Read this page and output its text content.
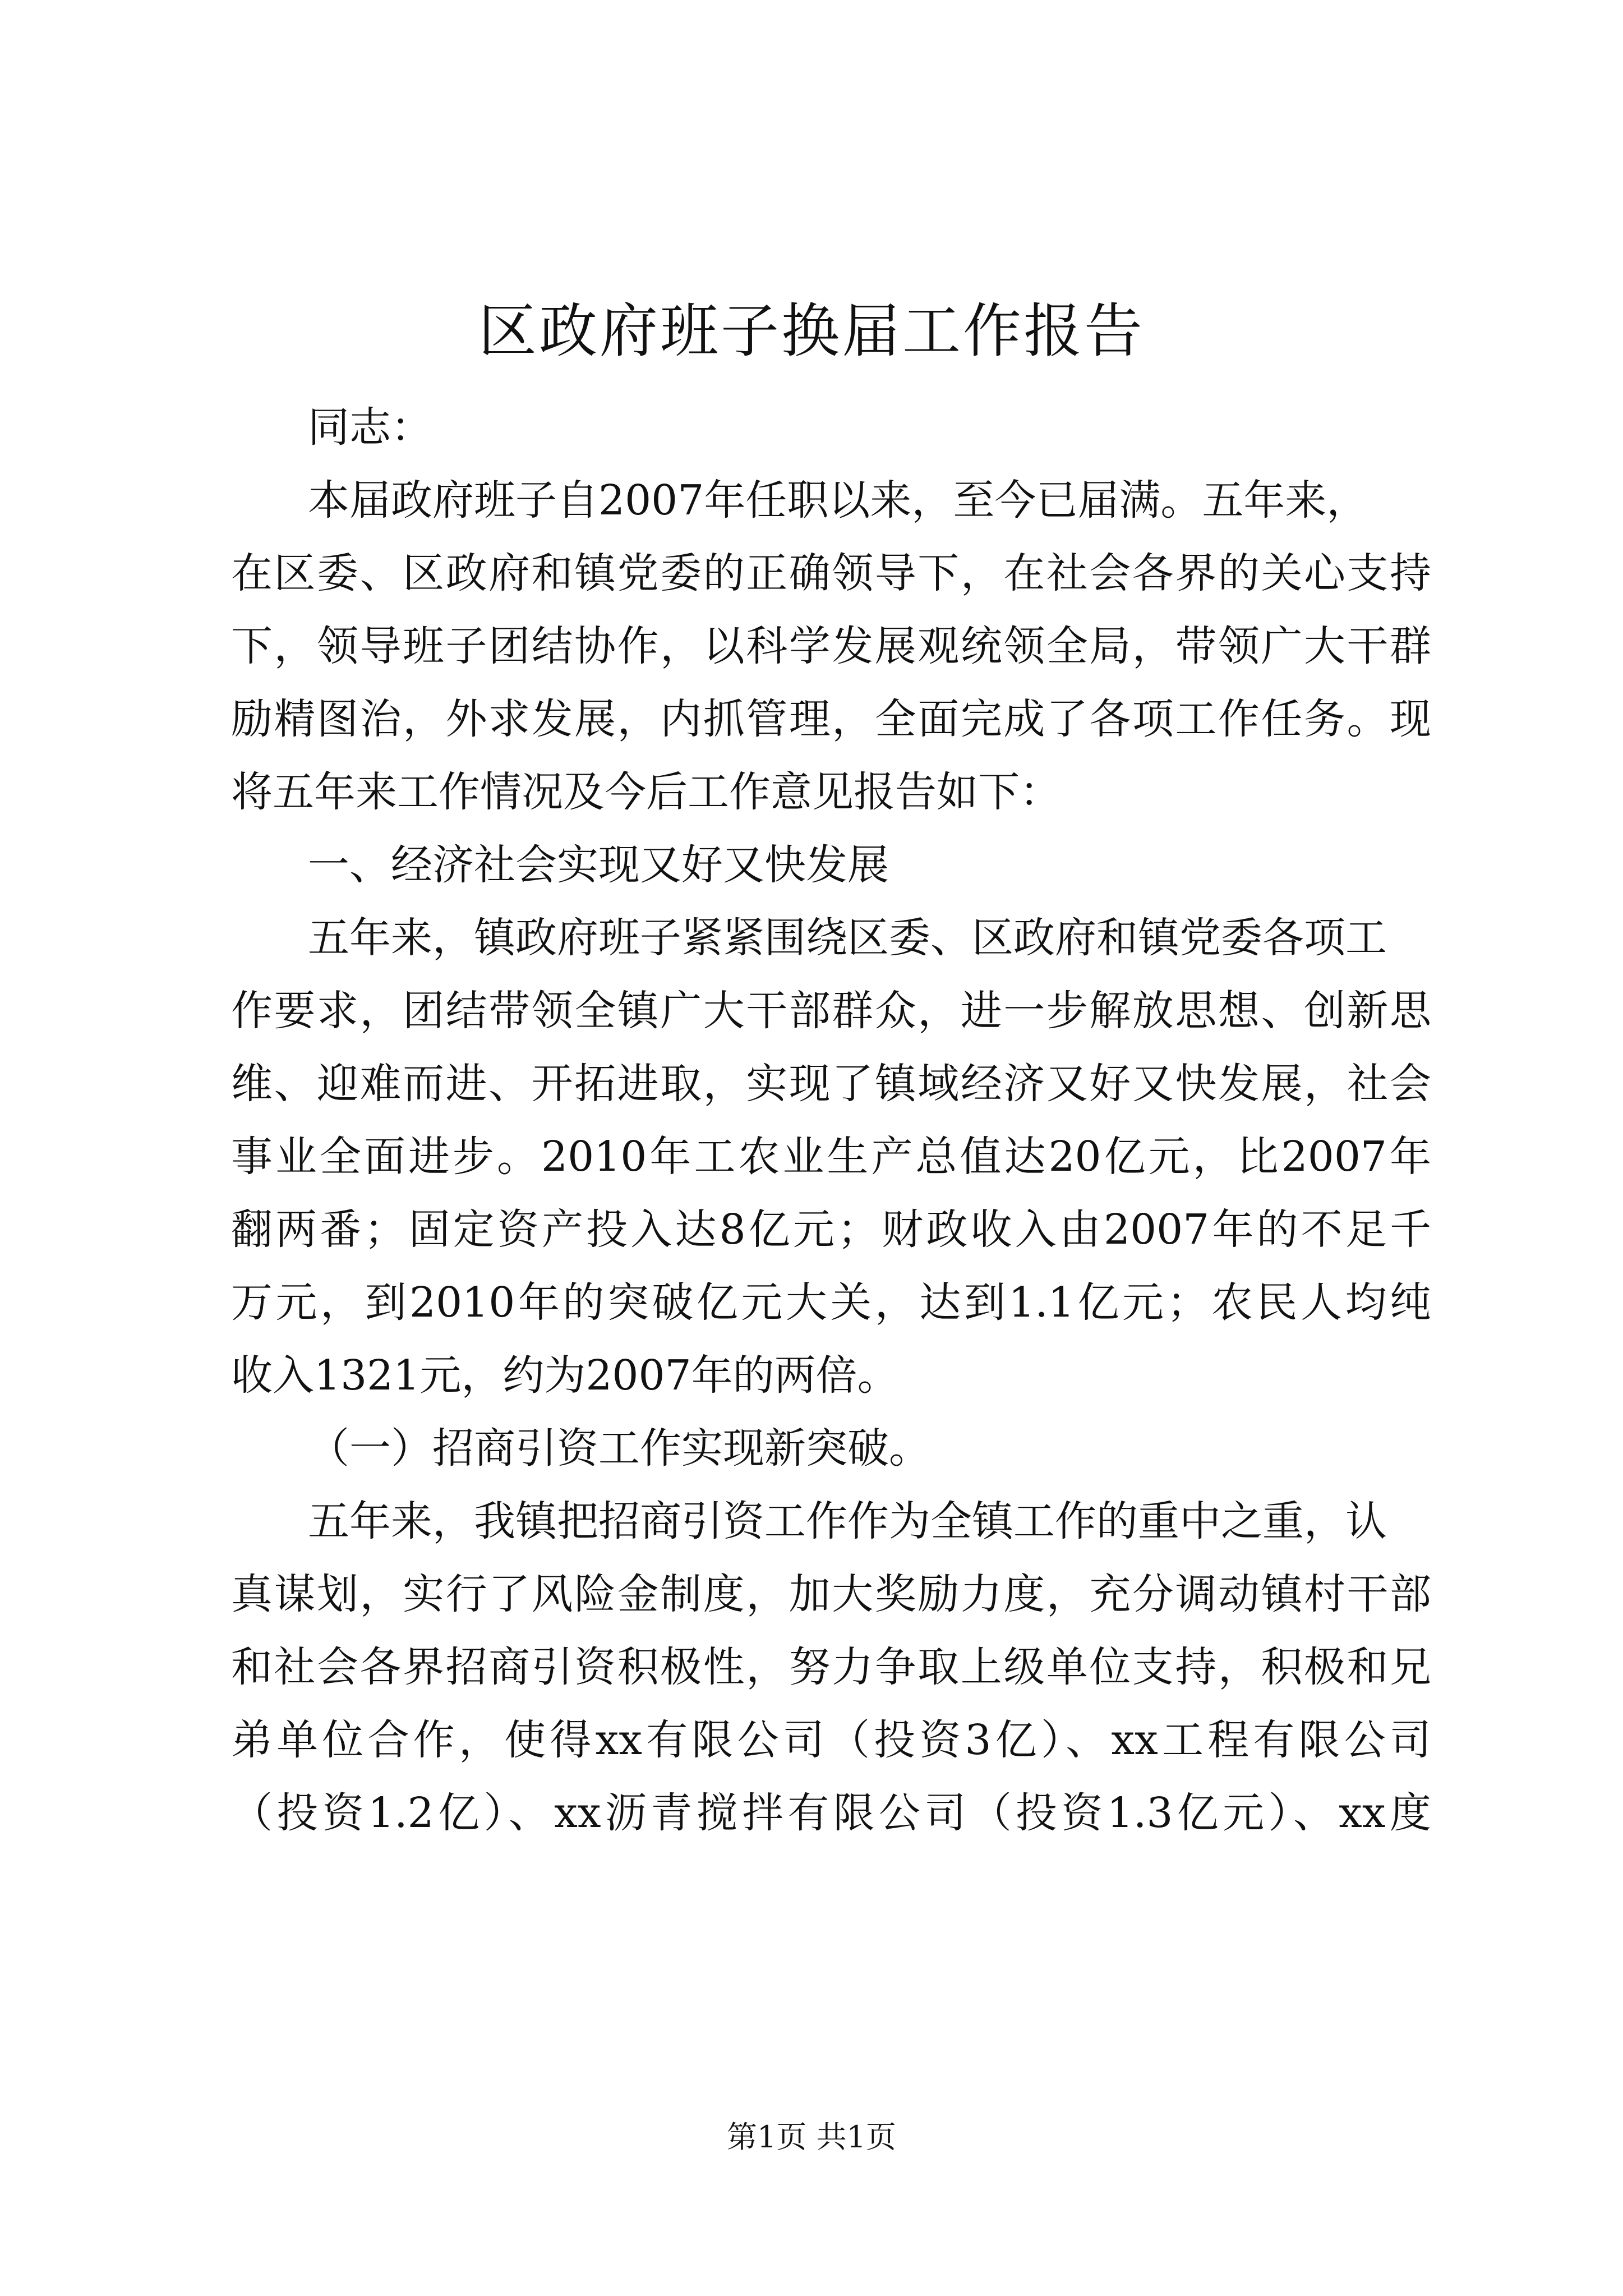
区政府班子换届工作报告
同志：
本届政府班子自2007年任职以来，至今已届满。五年来，
在区委、区政府和镇党委的正确领导下，在社会各界的关心支持
下，领导班子团结协作，以科学发展观统领全局，带领广大干群
励精图治，外求发展，内抓管理，全面完成了各项工作任务。现
将五年来工作情况及今后工作意见报告如下：
一、经济社会实现又好又快发展
五年来，镇政府班子紧紧围绕区委、区政府和镇党委各项工
作要求，团结带领全镇广大干部群众，进一步解放思想、创新思
维、迎难而进、开拓进取，实现了镇域经济又好又快发展，社会
事业全面进步。2010年工农业生产总值达20亿元，比2007年
翻两番；固定资产投入达8亿元；财政收入由2007年的不足千
万元，到2010年的突破亿元大关，达到1.1亿元；农民人均纯
收入1321元，约为2007年的两倍。
（一）招商引资工作实现新突破。
五年来，我镇把招商引资工作作为全镇工作的重中之重，认
真谋划，实行了风险金制度，加大奖励力度，充分调动镇村干部
和社会各界招商引资积极性，努力争取上级单位支持，积极和兄
弟单位合作，使得xx有限公司（投资3亿）、xx工程有限公司
（投资1.2亿）、xx沥青搅拌有限公司（投资1.3亿元）、xx度
第1页 共1页
